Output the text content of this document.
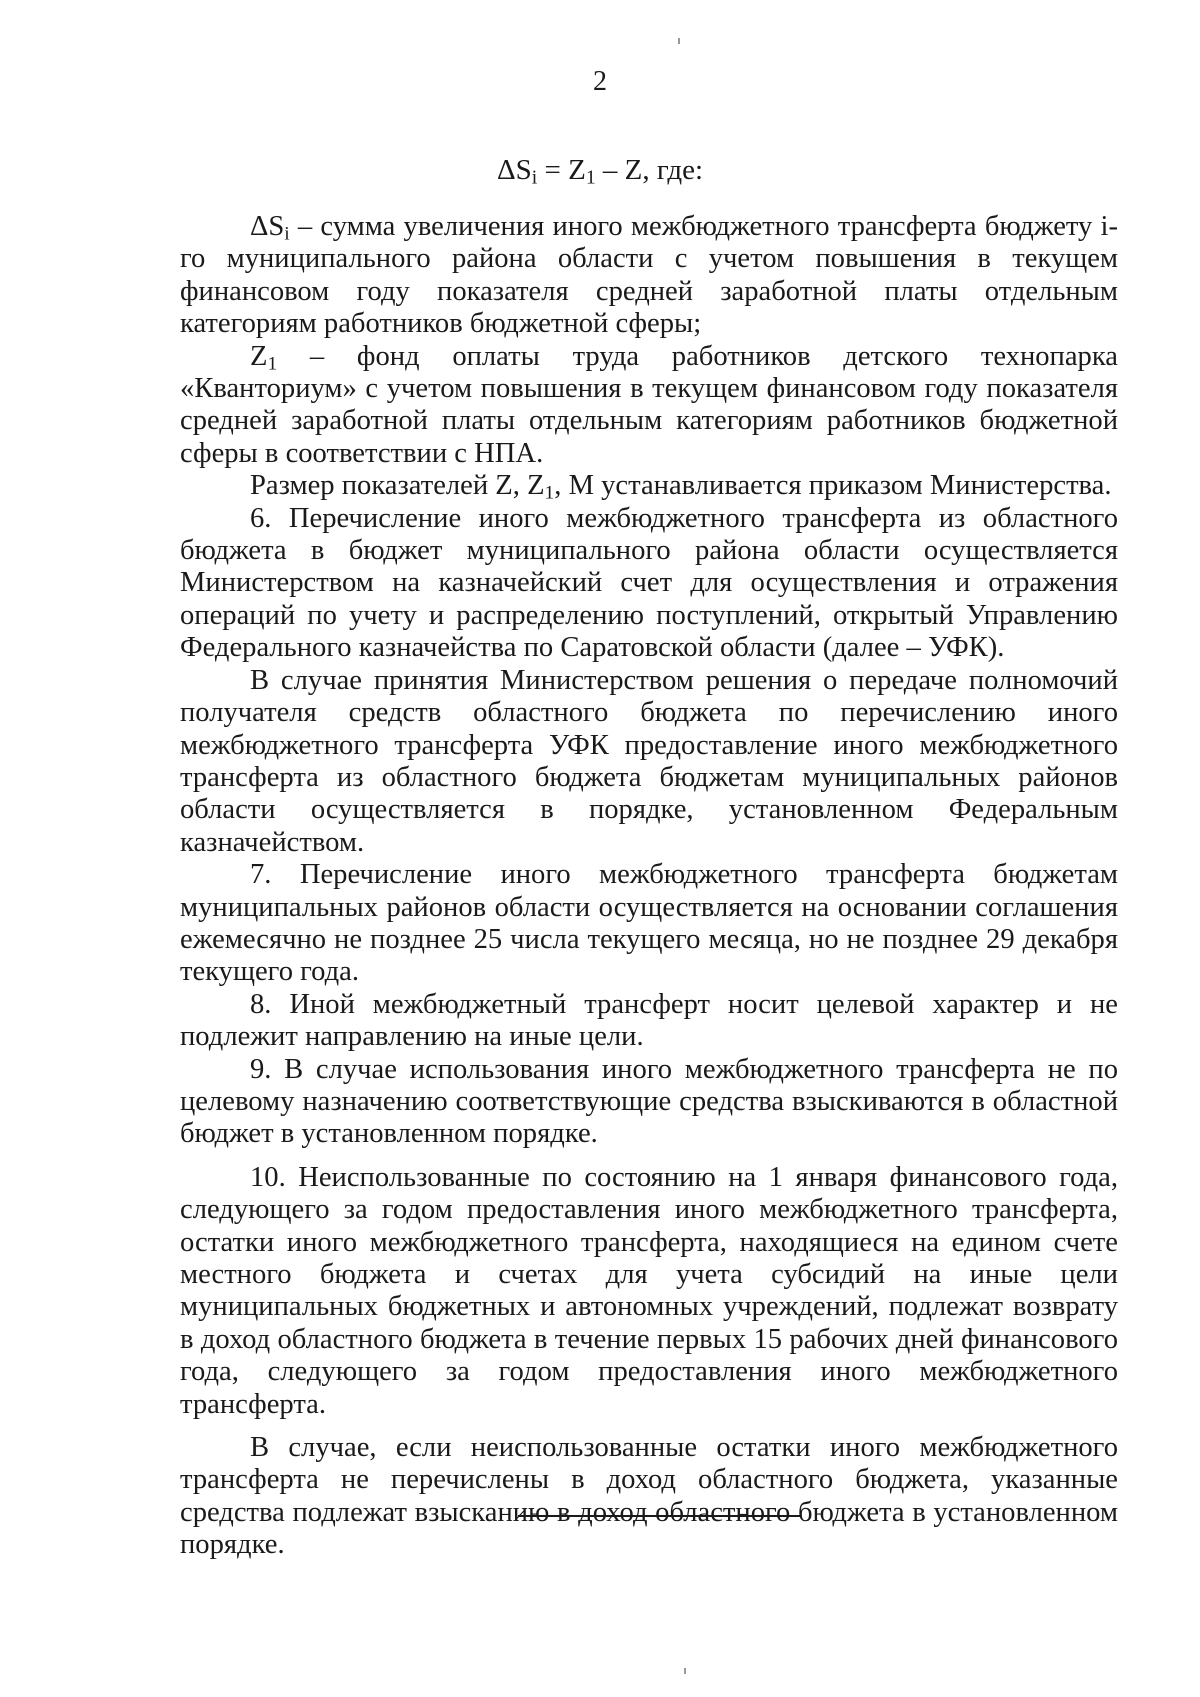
2
$\Delta S_i = Z_1 - Z$, где:

$\Delta S_i$ – сумма увеличения иного межбюджетного трансферта бюджету i-го муниципального района области с учетом повышения в текущем финансовом году показателя средней заработной платы отдельным категориям работников бюджетной сферы;

$Z_1$ – фонд оплаты труда работников детского технопарка «Кванториум» с учетом повышения в текущем финансовом году показателя средней заработной платы отдельным категориям работников бюджетной сферы в соответствии с НПА.

Размер показателей Z, $Z_1$, М устанавливается приказом Министерства.

6. Перечисление иного межбюджетного трансферта из областного бюджета в бюджет муниципального района области осуществляется Министерством на казначейский счет для осуществления и отражения операций по учету и распределению поступлений, открытый Управлению Федерального казначейства по Саратовской области (далее – УФК).

В случае принятия Министерством решения о передаче полномочий получателя средств областного бюджета по перечислению иного межбюджетного трансферта УФК предоставление иного межбюджетного трансферта из областного бюджета бюджетам муниципальных районов области осуществляется в порядке, установленном Федеральным казначейством.

7. Перечисление иного межбюджетного трансферта бюджетам муниципальных районов области осуществляется на основании соглашения ежемесячно не позднее 25 числа текущего месяца, но не позднее 29 декабря текущего года.

8. Иной межбюджетный трансферт носит целевой характер и не подлежит направлению на иные цели.

9. В случае использования иного межбюджетного трансферта не по целевому назначению соответствующие средства взыскиваются в областной бюджет в установленном порядке.

10. Неиспользованные по состоянию на 1 января финансового года, следующего за годом предоставления иного межбюджетного трансферта, остатки иного межбюджетного трансферта, находящиеся на едином счете местного бюджета и счетах для учета субсидий на иные цели муниципальных бюджетных и автономных учреждений, подлежат возврату в доход областного бюджета в течение первых 15 рабочих дней финансового года, следующего за годом предоставления иного межбюджетного трансферта.

В случае, если неиспользованные остатки иного межбюджетного трансферта не перечислены в доход областного бюджета, указанные средства подлежат взысканию в доход областного бюджета в установленном порядке.
